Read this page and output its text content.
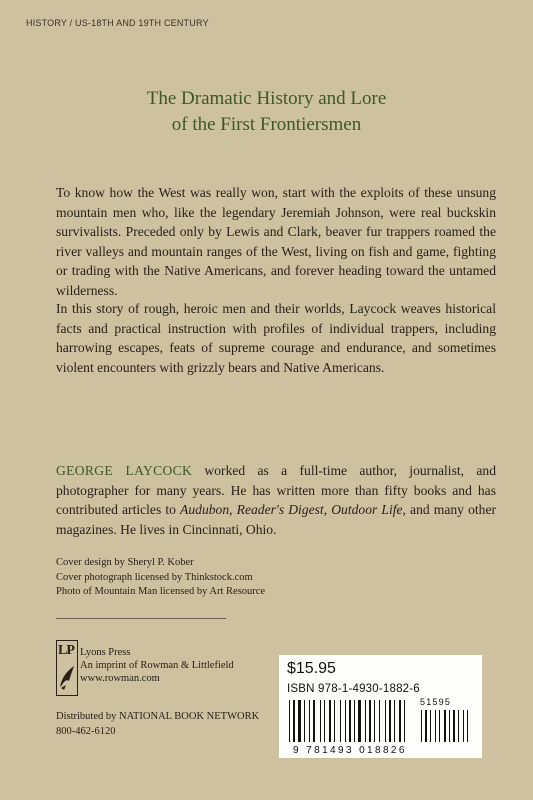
HISTORY / US-18TH AND 19TH CENTURY
The Dramatic History and Lore
of the First Frontiersmen
To know how the West was really won, start with the exploits of these unsung mountain men who, like the legendary Jeremiah Johnson, were real buckskin survivalists. Preceded only by Lewis and Clark, beaver fur trappers roamed the river valleys and mountain ranges of the West, living on fish and game, fighting or trading with the Native Americans, and forever heading toward the untamed wilderness.
In this story of rough, heroic men and their worlds, Laycock weaves historical facts and practical instruction with profiles of individual trappers, including harrowing escapes, feats of supreme courage and endurance, and sometimes violent encounters with grizzly bears and Native Americans.
GEORGE LAYCOCK worked as a full-time author, journalist, and photographer for many years. He has written more than fifty books and has contributed articles to Audubon, Reader's Digest, Outdoor Life, and many other magazines. He lives in Cincinnati, Ohio.
Cover design by Sheryl P. Kober
Cover photograph licensed by Thinkstock.com
Photo of Mountain Man licensed by Art Resource
LP Lyons Press
An imprint of Rowman & Littlefield
www.rowman.com
Distributed by NATIONAL BOOK NETWORK
800-462-6120
$15.95
ISBN 978-1-4930-1882-6
51595
9 781493 018826
